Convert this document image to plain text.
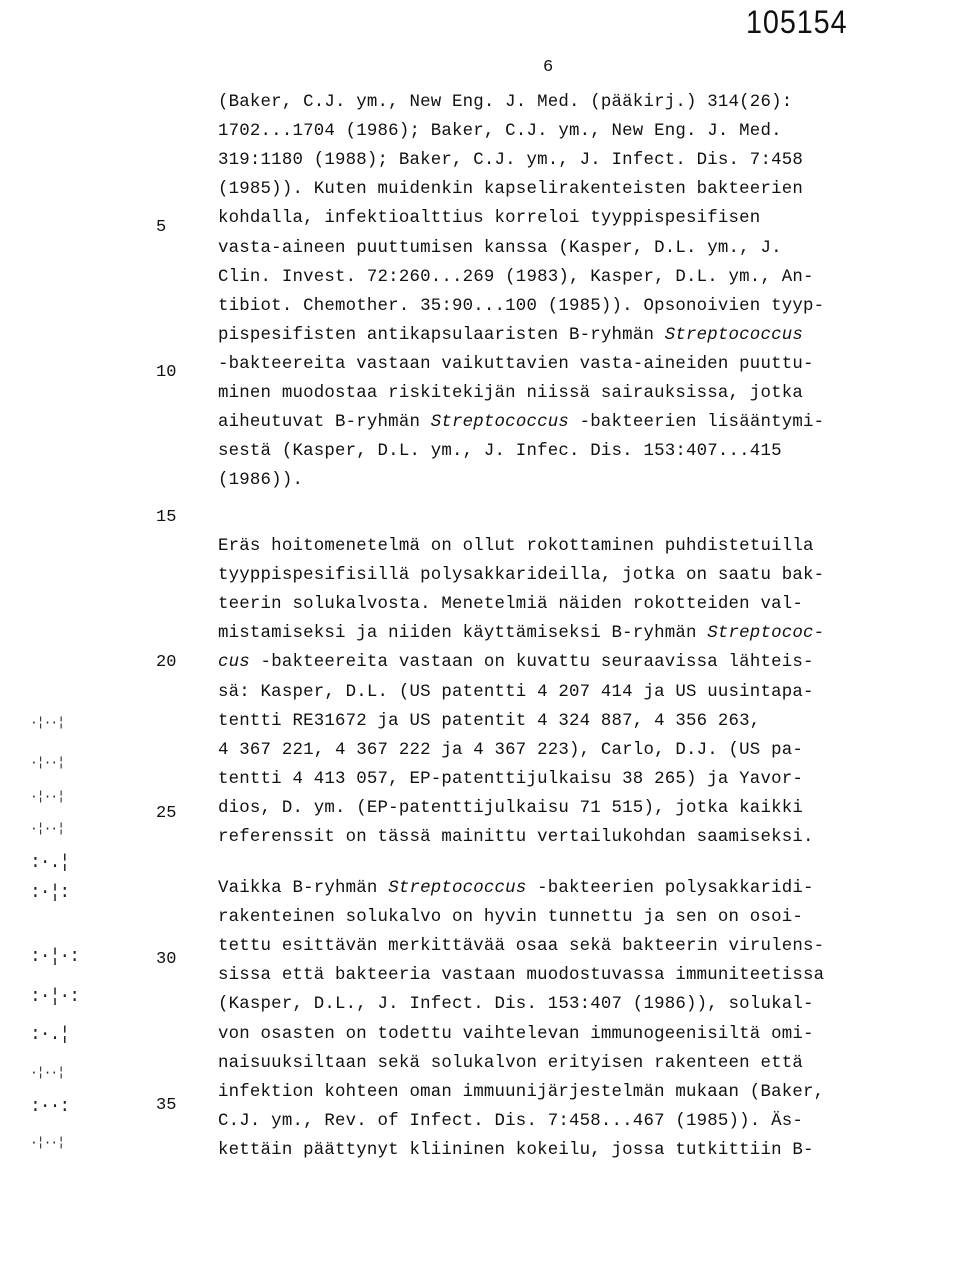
105154
6
5
10
15
20
25
30
35
(Baker, C.J. ym., New Eng. J. Med. (pääkirj.) 314(26):
1702...1704 (1986); Baker, C.J. ym., New Eng. J. Med.
319:1180 (1988); Baker, C.J. ym., J. Infect. Dis. 7:458
(1985)). Kuten muidenkin kapselirakenteisten bakteerien
kohdalla, infektioalttius korreloi tyyppispesifisen
vasta-aineen puuttumisen kanssa (Kasper, D.L. ym., J.
Clin. Invest. 72:260...269 (1983), Kasper, D.L. ym., An-
tibiot. Chemother. 35:90...100 (1985)). Opsonoivien tyyp-
pispesifisten antikapsulaaristen B-ryhmän Streptococcus
-bakteereita vastaan vaikuttavien vasta-aineiden puuttu-
minen muodostaa riskitekijän niissä sairauksissa, jotka
aiheutuvat B-ryhmän Streptococcus -bakteerien lisääntymi-
sestä (Kasper, D.L. ym., J. Infec. Dis. 153:407...415
(1986)).
Eräs hoitomenetelmä on ollut rokottaminen puhdistetuilla
tyyppispesifisillä polysakkarideilla, jotka on saatu bak-
teerin solukalvosta. Menetelmiä näiden rokotteiden val-
mistamiseksi ja niiden käyttämiseksi B-ryhmän Streptococ-
cus -bakteereita vastaan on kuvattu seuraavissa lähteis-
sä: Kasper, D.L. (US patentti 4 207 414 ja US uusintapa-
tentti RE31672 ja US patentit 4 324 887, 4 356 263,
4 367 221, 4 367 222 ja 4 367 223), Carlo, D.J. (US pa-
tentti 4 413 057, EP-patenttijulkaisu 38 265) ja Yavor-
dios, D. ym. (EP-patenttijulkaisu 71 515), jotka kaikki
referenssit on tässä mainittu vertailukohdan saamiseksi.
Vaikka B-ryhmän Streptococcus -bakteerien polysakkaridi-
rakenteinen solukalvo on hyvin tunnettu ja sen on osoi-
tettu esittävän merkittävää osaa sekä bakteerin virulens-
sissa että bakteeria vastaan muodostuvassa immuniteetissa
(Kasper, D.L., J. Infect. Dis. 153:407 (1986)), solukal-
von osasten on todettu vaihtelevan immunogeenisiltä omi-
naisuuksiltaan sekä solukalvon erityisen rakenteen että
infektion kohteen oman immuunijärjestelmän mukaan (Baker,
C.J. ym., Rev. of Infect. Dis. 7:458...467 (1985)). Äs-
kettäin päättynyt kliininen kokeilu, jossa tutkittiin B-
·¦··¦
·¦··¦
·¦··¦
·¦··¦
:·.¦
:·¦:
:·¦·:
:·¦·:
:·.¦
·¦··¦
:··:
·¦··¦
